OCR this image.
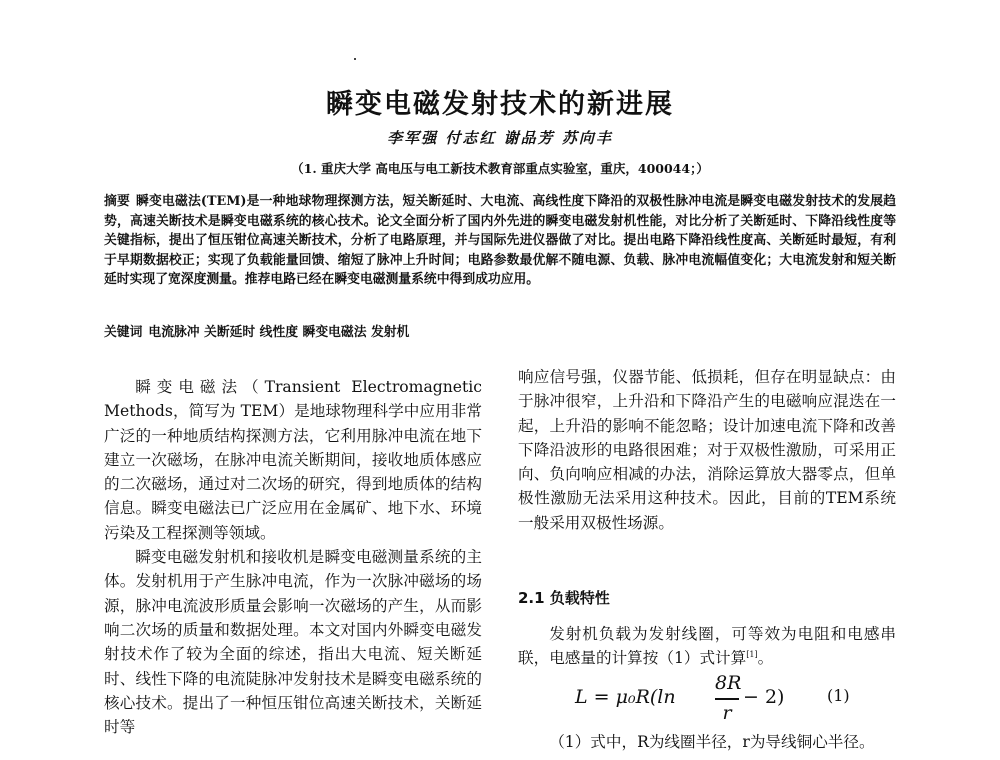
瞬变电磁发射技术的新进展
李军强 付志红 谢品芳 苏向丰
（1. 重庆大学 高电压与电工新技术教育部重点实验室，重庆，400044；）

摘要 瞬变电磁法(TEM)是一种地球物理探测方法，短关断延时、大电流、高线性度下降沿的双极性脉冲电流是瞬变电磁发射技术的发展趋势，高速关断技术是瞬变电磁系统的核心技术。论文全面分析了国内外先进的瞬变电磁发射机性能，对比分析了关断延时、下降沿线性度等关键指标，提出了恒压钳位高速关断技术，分析了电路原理，并与国际先进仪器做了对比。提出电路下降沿线性度高、关断延时最短，有利于早期数据校正；实现了负载能量回馈、缩短了脉冲上升时间；电路参数最优解不随电源、负载、脉冲电流幅值变化；大电流发射和短关断延时实现了宽深度测量。推荐电路已经在瞬变电磁测量系统中得到成功应用。

关键词 电流脉冲 关断延时 线性度 瞬变电磁法 发射机

瞬变电磁法（Transient Electromagnetic Methods，简写为 TEM）是地球物理科学中应用非常广泛的一种地质结构探测方法，它利用脉冲电流在地下建立一次磁场，在脉冲电流关断期间，接收地质体感应的二次磁场，通过对二次场的研究，得到地质体的结构信息。瞬变电磁法已广泛应用在金属矿、地下水、环境污染及工程探测等领域。

瞬变电磁发射机和接收机是瞬变电磁测量系统的主体。发射机用于产生脉冲电流，作为一次脉冲磁场的场源，脉冲电流波形质量会影响一次磁场的产生，从而影响二次场的质量和数据处理。本文对国内外瞬变电磁发射技术作了较为全面的综述，指出大电流、短关断延时、线性下降的电流陡脉冲发射技术是瞬变电磁系统的核心技术。提出了一种恒压钳位高速关断技术，关断延时等

响应信号强，仪器节能、低损耗，但存在明显缺点：由于脉冲很窄，上升沿和下降沿产生的电磁响应混迭在一起，上升沿的影响不能忽略；设计加速电流下降和改善下降沿波形的电路很困难；对于双极性激励，可采用正向、负向响应相减的办法，消除运算放大器零点，但单极性激励无法采用这种技术。因此，目前的TEM系统一般采用双极性场源。

2.1 负载特性

发射机负载为发射线圈，可等效为电阻和电感串联，电感量的计算按（1）式计算[1]。

L = μ₀R(ln
8R
r
− 2)	(1)

（1）式中，R为线圈半径，r为导线铜心半径。
